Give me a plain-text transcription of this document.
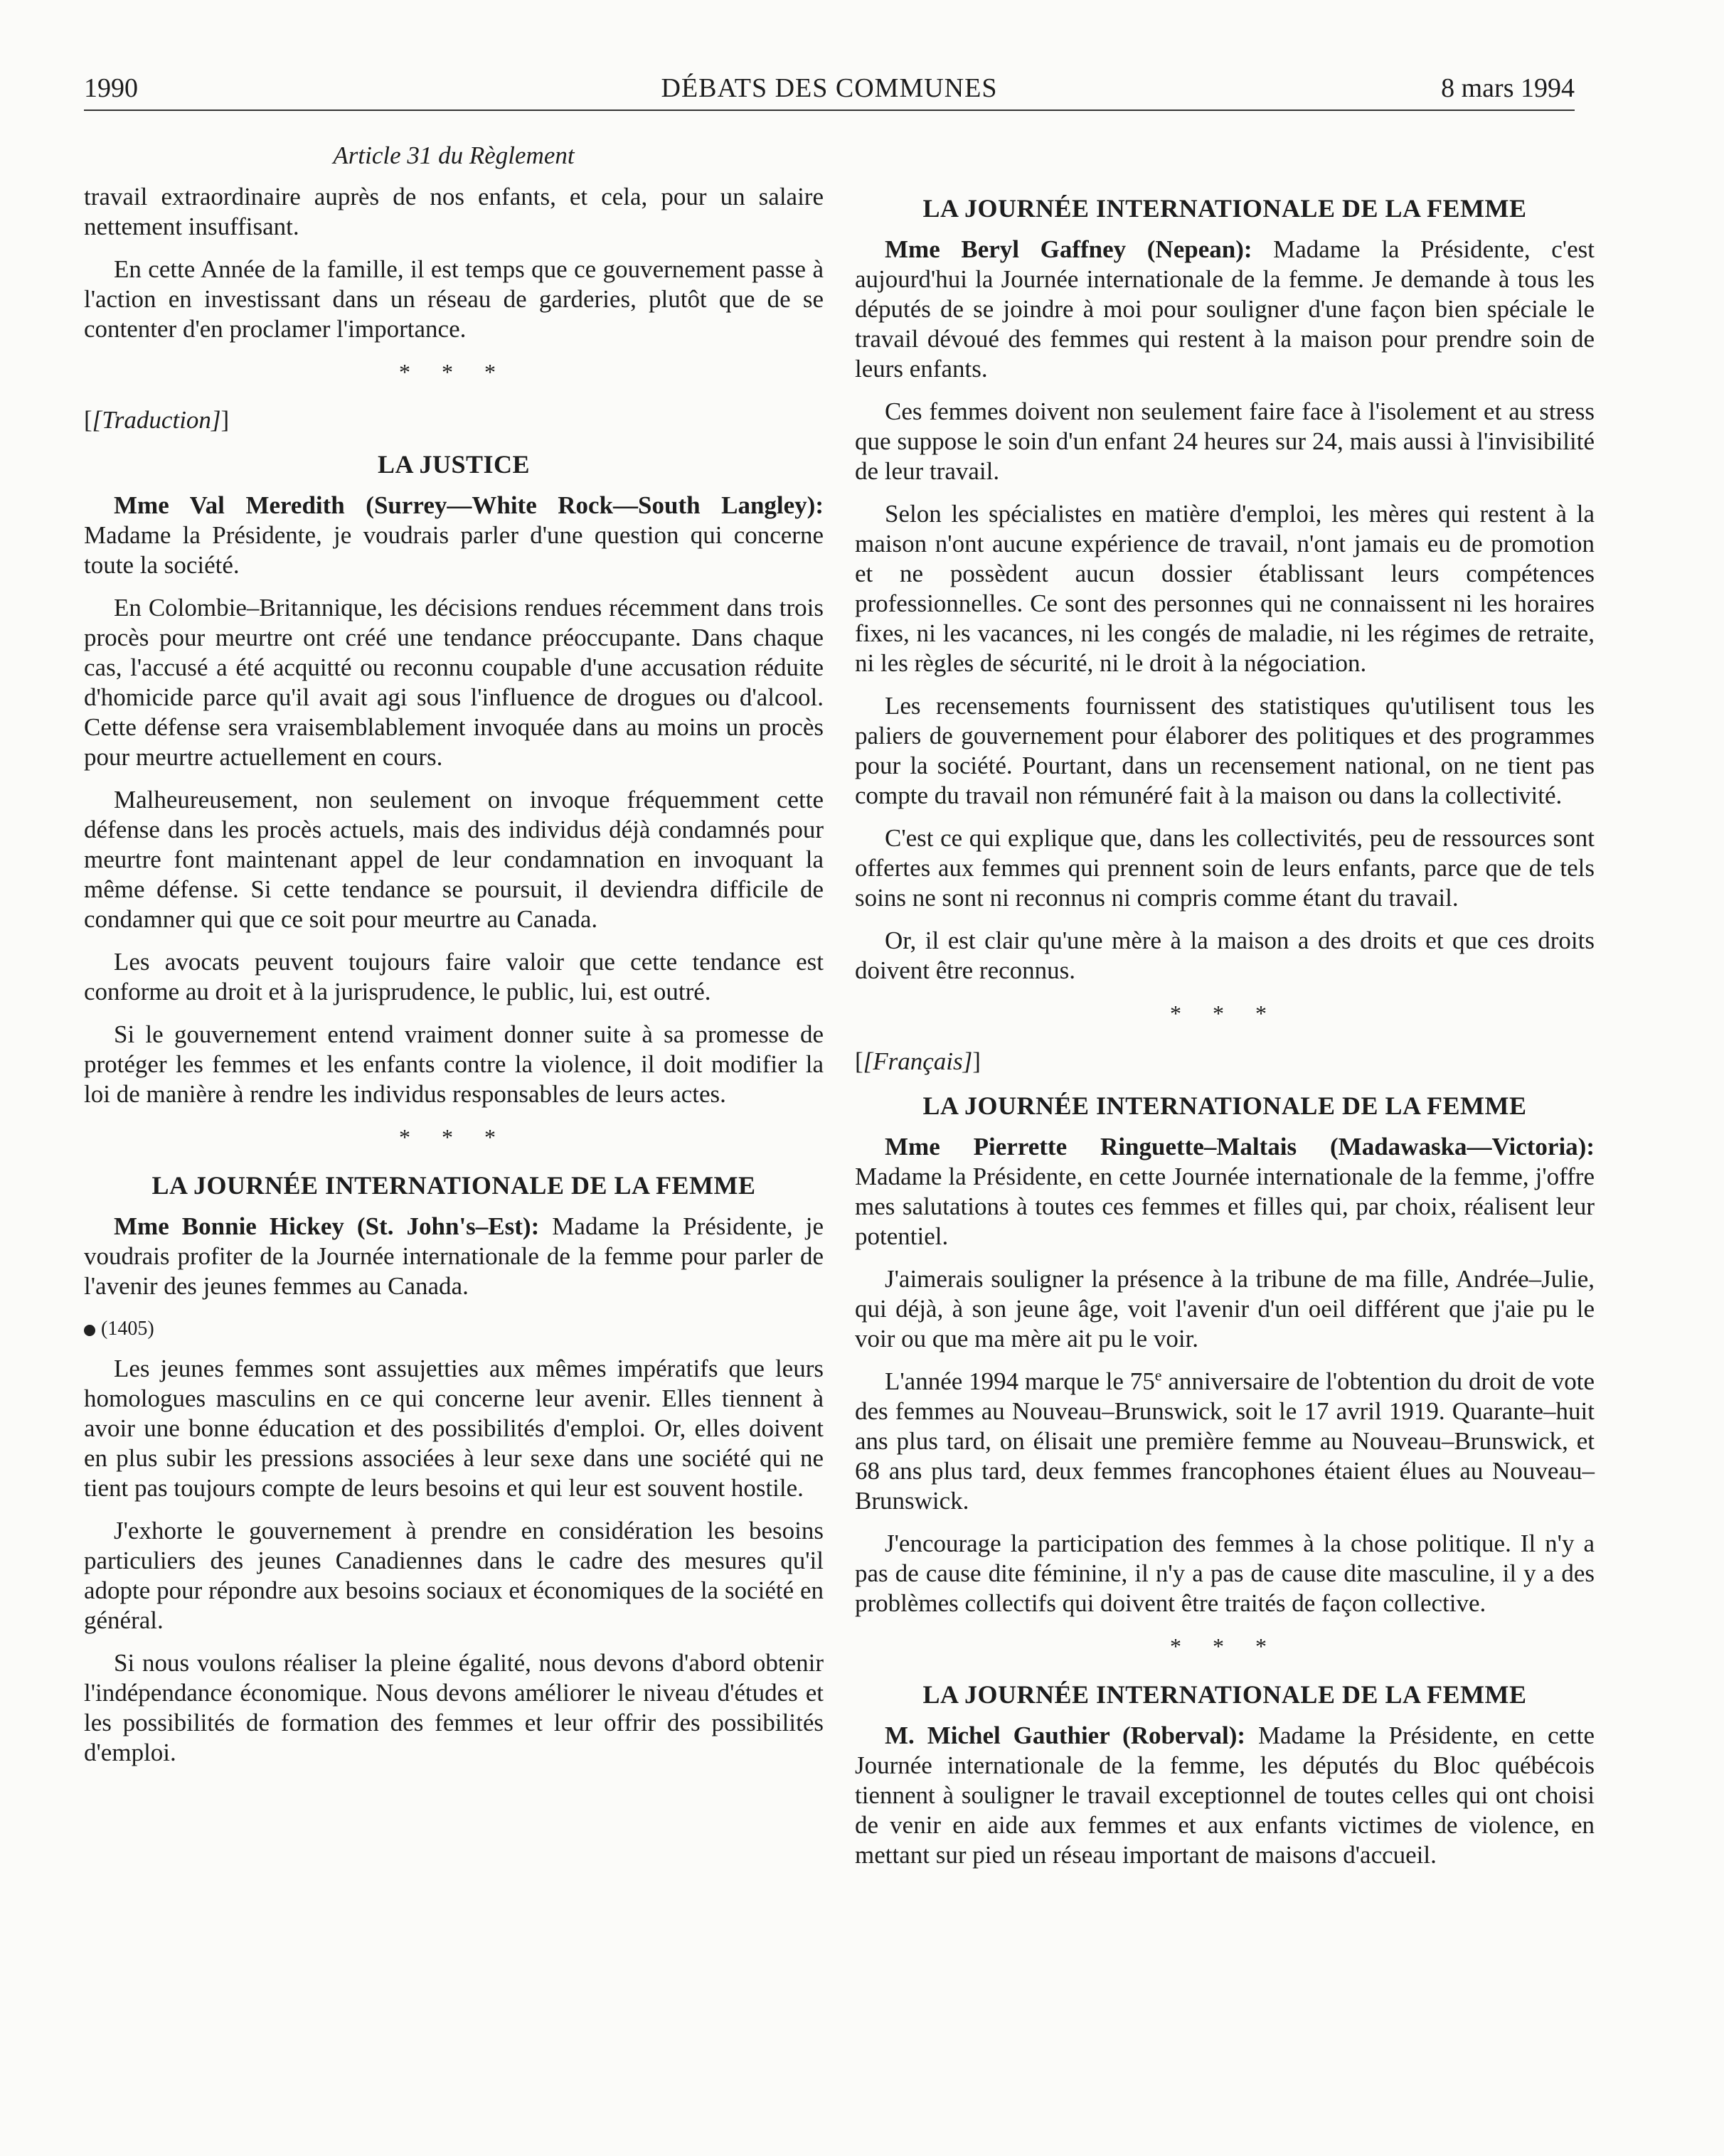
1990	DÉBATS DES COMMUNES	8 mars 1994
Article 31 du Règlement

travail extraordinaire auprès de nos enfants, et cela, pour un salaire nettement insuffisant.

En cette Année de la famille, il est temps que ce gouvernement passe à l'action en investissant dans un réseau de garderies, plutôt que de se contenter d'en proclamer l'importance.

* * *
[[Traduction]]
LA JUSTICE

Mme Val Meredith (Surrey—White Rock—South Langley): Madame la Présidente, je voudrais parler d'une question qui concerne toute la société.

En Colombie–Britannique, les décisions rendues récemment dans trois procès pour meurtre ont créé une tendance préoccupante. Dans chaque cas, l'accusé a été acquitté ou reconnu coupable d'une accusation réduite d'homicide parce qu'il avait agi sous l'influence de drogues ou d'alcool. Cette défense sera vraisemblablement invoquée dans au moins un procès pour meurtre actuellement en cours.

Malheureusement, non seulement on invoque fréquemment cette défense dans les procès actuels, mais des individus déjà condamnés pour meurtre font maintenant appel de leur condamnation en invoquant la même défense. Si cette tendance se poursuit, il deviendra difficile de condamner qui que ce soit pour meurtre au Canada.

Les avocats peuvent toujours faire valoir que cette tendance est conforme au droit et à la jurisprudence, le public, lui, est outré.

Si le gouvernement entend vraiment donner suite à sa promesse de protéger les femmes et les enfants contre la violence, il doit modifier la loi de manière à rendre les individus responsables de leurs actes.

* * *
LA JOURNÉE INTERNATIONALE DE LA FEMME

Mme Bonnie Hickey (St. John's–Est): Madame la Présidente, je voudrais profiter de la Journée internationale de la femme pour parler de l'avenir des jeunes femmes au Canada.

(1405)

Les jeunes femmes sont assujetties aux mêmes impératifs que leurs homologues masculins en ce qui concerne leur avenir. Elles tiennent à avoir une bonne éducation et des possibilités d'emploi. Or, elles doivent en plus subir les pressions associées à leur sexe dans une société qui ne tient pas toujours compte de leurs besoins et qui leur est souvent hostile.

J'exhorte le gouvernement à prendre en considération les besoins particuliers des jeunes Canadiennes dans le cadre des mesures qu'il adopte pour répondre aux besoins sociaux et économiques de la société en général.

Si nous voulons réaliser la pleine égalité, nous devons d'abord obtenir l'indépendance économique. Nous devons améliorer le niveau d'études et les possibilités de formation des femmes et leur offrir des possibilités d'emploi.

LA JOURNÉE INTERNATIONALE DE LA FEMME

Mme Beryl Gaffney (Nepean): Madame la Présidente, c'est aujourd'hui la Journée internationale de la femme. Je demande à tous les députés de se joindre à moi pour souligner d'une façon bien spéciale le travail dévoué des femmes qui restent à la maison pour prendre soin de leurs enfants.

Ces femmes doivent non seulement faire face à l'isolement et au stress que suppose le soin d'un enfant 24 heures sur 24, mais aussi à l'invisibilité de leur travail.

Selon les spécialistes en matière d'emploi, les mères qui restent à la maison n'ont aucune expérience de travail, n'ont jamais eu de promotion et ne possèdent aucun dossier établissant leurs compétences professionnelles. Ce sont des personnes qui ne connaissent ni les horaires fixes, ni les vacances, ni les congés de maladie, ni les régimes de retraite, ni les règles de sécurité, ni le droit à la négociation.

Les recensements fournissent des statistiques qu'utilisent tous les paliers de gouvernement pour élaborer des politiques et des programmes pour la société. Pourtant, dans un recensement national, on ne tient pas compte du travail non rémunéré fait à la maison ou dans la collectivité.

C'est ce qui explique que, dans les collectivités, peu de ressources sont offertes aux femmes qui prennent soin de leurs enfants, parce que de tels soins ne sont ni reconnus ni compris comme étant du travail.

Or, il est clair qu'une mère à la maison a des droits et que ces droits doivent être reconnus.

* * *
[[Français]]
LA JOURNÉE INTERNATIONALE DE LA FEMME

Mme Pierrette Ringuette–Maltais (Madawaska—Victoria): Madame la Présidente, en cette Journée internationale de la femme, j'offre mes salutations à toutes ces femmes et filles qui, par choix, réalisent leur potentiel.

J'aimerais souligner la présence à la tribune de ma fille, Andrée–Julie, qui déjà, à son jeune âge, voit l'avenir d'un oeil différent que j'aie pu le voir ou que ma mère ait pu le voir.

L'année 1994 marque le 75e anniversaire de l'obtention du droit de vote des femmes au Nouveau–Brunswick, soit le 17 avril 1919. Quarante–huit ans plus tard, on élisait une première femme au Nouveau–Brunswick, et 68 ans plus tard, deux femmes francophones étaient élues au Nouveau–Brunswick.

J'encourage la participation des femmes à la chose politique. Il n'y a pas de cause dite féminine, il n'y a pas de cause dite masculine, il y a des problèmes collectifs qui doivent être traités de façon collective.

* * *
LA JOURNÉE INTERNATIONALE DE LA FEMME

M. Michel Gauthier (Roberval): Madame la Présidente, en cette Journée internationale de la femme, les députés du Bloc québécois tiennent à souligner le travail exceptionnel de toutes celles qui ont choisi de venir en aide aux femmes et aux enfants victimes de violence, en mettant sur pied un réseau important de maisons d'accueil.
